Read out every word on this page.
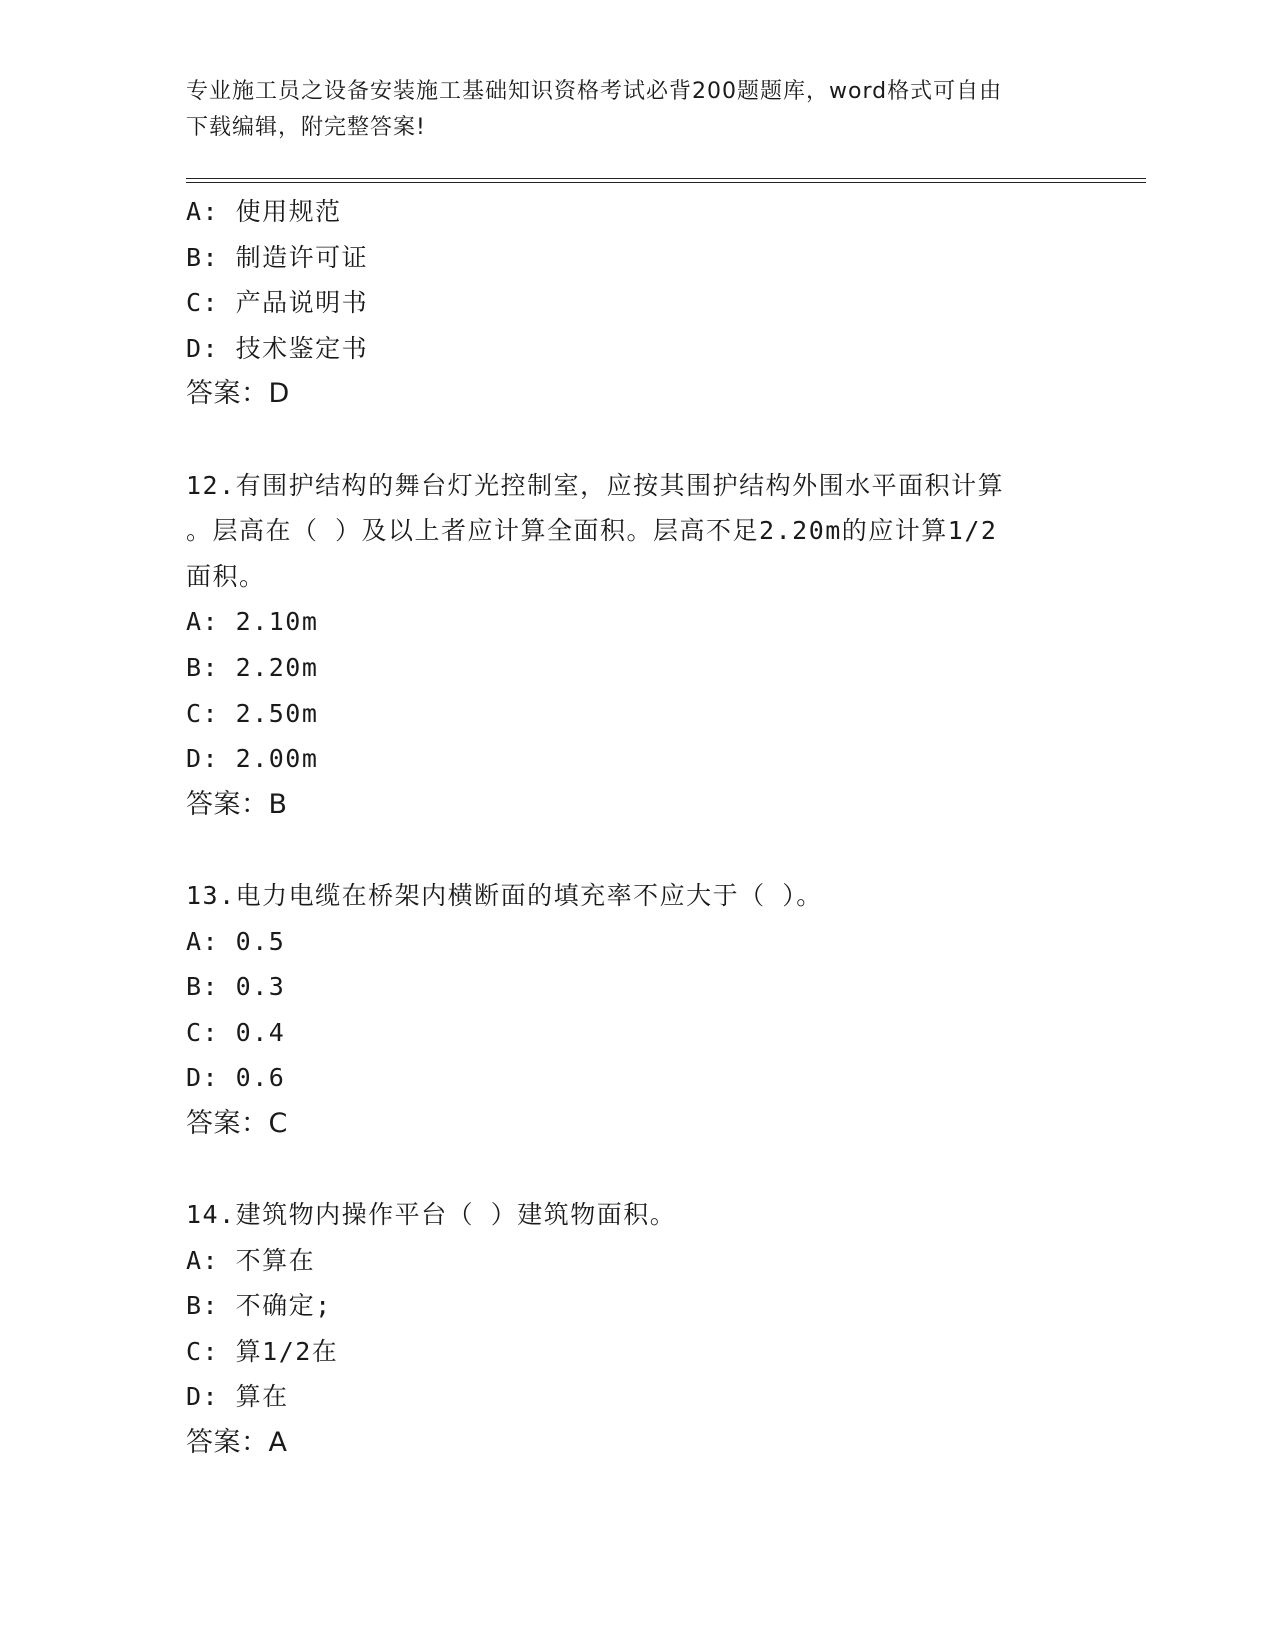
专业施工员之设备安装施工基础知识资格考试必背200题题库，word格式可自由
下载编辑，附完整答案!
A: 使用规范
B: 制造许可证
C: 产品说明书
D: 技术鉴定书
答案：D
12.有围护结构的舞台灯光控制室，应按其围护结构外围水平面积计算
。层高在（ ）及以上者应计算全面积。层高不足2.20m的应计算1/2
面积。
A: 2.10m
B: 2.20m
C: 2.50m
D: 2.00m
答案：B
13.电力电缆在桥架内横断面的填充率不应大于（ ）。
A: 0.5
B: 0.3
C: 0.4
D: 0.6
答案：C
14.建筑物内操作平台（ ）建筑物面积。
A: 不算在
B: 不确定;
C: 算1/2在
D: 算在
答案：A
